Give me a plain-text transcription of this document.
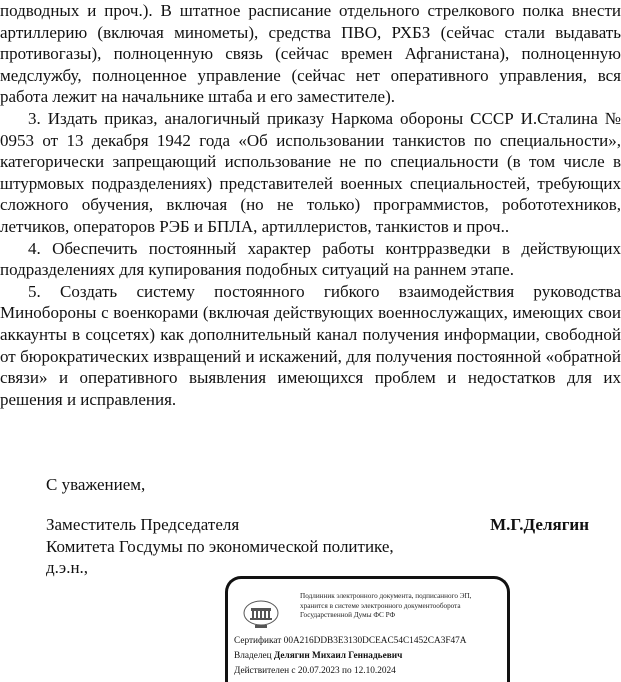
подводных и проч.). В штатное расписание отдельного стрелкового полка внести артиллерию (включая минометы), средства ПВО, РХБЗ (сейчас стали выдавать противогазы), полноценную связь (сейчас времен Афганистана), полноценную медслужбу, полноценное управление (сейчас нет оперативного управления, вся работа лежит на начальнике штаба и его заместителе).

3. Издать приказ, аналогичный приказу Наркома обороны СССР И.Сталина № 0953 от 13 декабря 1942 года «Об использовании танкистов по специальности», категорически запрещающий использование не по специальности (в том числе в штурмовых подразделениях) представителей военных специальностей, требующих сложного обучения, включая (но не только) программистов, робототехников, летчиков, операторов РЭБ и БПЛА, артиллеристов, танкистов и проч..

4. Обеспечить постоянный характер работы контрразведки в действующих подразделениях для купирования подобных ситуаций на раннем этапе.

5. Создать систему постоянного гибкого взаимодействия руководства Минобороны с военкорами (включая действующих военнослужащих, имеющих свои аккаунты в соцсетях) как дополнительный канал получения информации, свободной от бюрократических извращений и искажений, для получения постоянной «обратной связи» и оперативного выявления имеющихся проблем и недостатков для их решения и исправления.

С уважением,
Заместитель Председателя
Комитета Госдумы по экономической политике,
д.э.н.,
М.Г.Делягин
Подлинник электронного документа, подписанного ЭП, хранится в системе электронного документооборота Государственной Думы ФС РФ
Сертификат 00A216DDB3E3130DCEAC54C1452CA3F47A
Владелец Делягин Михаил Геннадьевич
Действителен с 20.07.2023 по 12.10.2024
